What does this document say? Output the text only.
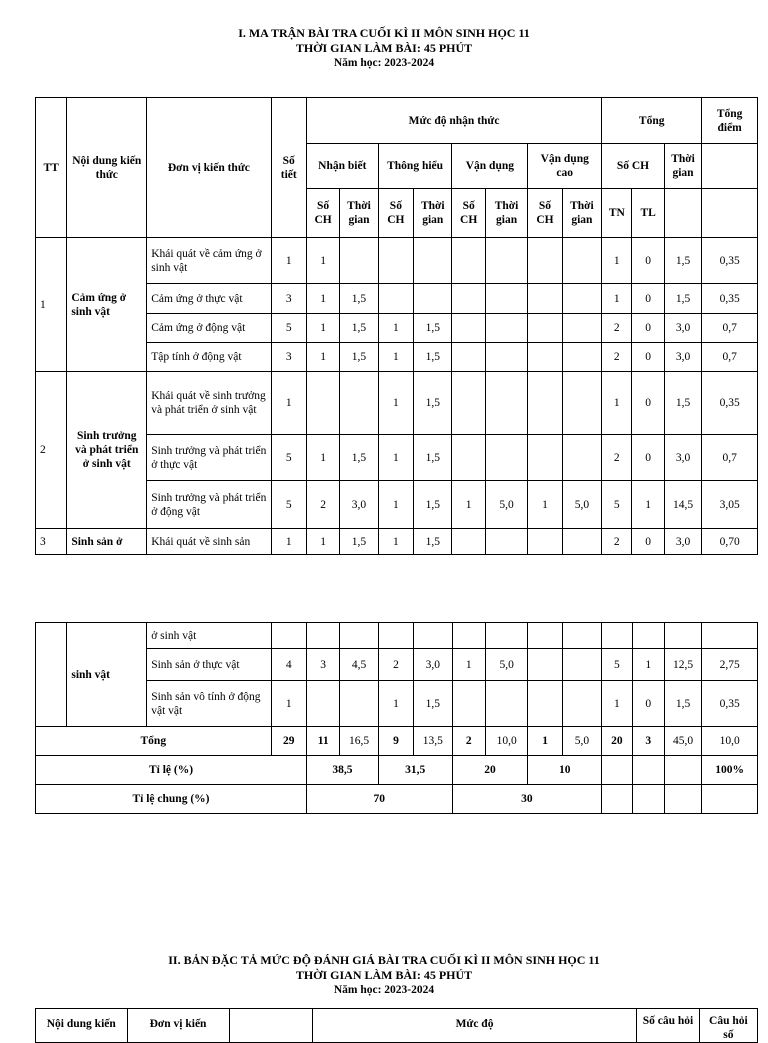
I. MA TRẬN BÀI TRA CUỐI KÌ II MÔN SINH HỌC 11
THỜI GIAN LÀM BÀI: 45 PHÚT
Năm học: 2023-2024
TT	Nội dung kiến thức	Đơn vị kiến thức	Số tiết	Mức độ nhận thức								Tổng			Tổng điểm
				Nhận biết		Thông hiểu		Vận dụng		Vận dụng cao		Số CH		Thời gian	
				Số CH	Thời gian	Số CH	Thời gian	Số CH	Thời gian	Số CH	Thời gian	TN	TL		
1	Cảm ứng ở sinh vật	Khái quát về cảm ứng ở sinh vật	1	1								1	0	1,5	0,35
		Cảm ứng ở thực vật	3	1	1,5							1	0	1,5	0,35
		Cảm ứng ở động vật	5	1	1,5	1	1,5					2	0	3,0	0,7
		Tập tính ở động vật	3	1	1,5	1	1,5					2	0	3,0	0,7
2	Sinh trưởng và phát triển ở sinh vật	Khái quát về sinh trưởng và phát triển ở sinh vật	1			1	1,5					1	0	1,5	0,35
		Sinh trưởng và phát triển ở thực vật	5	1	1,5	1	1,5					2	0	3,0	0,7
		Sinh trưởng và phát triển ở động vật	5	2	3,0	1	1,5	1	5,0	1	5,0	5	1	14,5	3,05
3	Sinh sản ở	Khái quát về sinh sản	1	1	1,5	1	1,5					2	0	3,0	0,70
	sinh vật	ở sinh vật													
		Sinh sản ở thực vật	4	3	4,5	2	3,0	1	5,0			5	1	12,5	2,75
		Sinh sản vô tính ở động vật vật	1			1	1,5					1	0	1,5	0,35
Tổng			29	11	16,5	9	13,5	2	10,0	1	5,0	20	3	45,0	10,0
Tỉ lệ (%)				38,5		31,5		20		10					100%
Tỉ lệ chung (%)				70				30							
II. BẢN ĐẶC TẢ MỨC ĐỘ ĐÁNH GIÁ BÀI TRA CUỐI KÌ II MÔN SINH HỌC 11
THỜI GIAN LÀM BÀI: 45 PHÚT
Năm học: 2023-2024
Nội dung kiến	Đơn vị kiến		Mức độ	Số câu hỏi	Câu hỏi số
